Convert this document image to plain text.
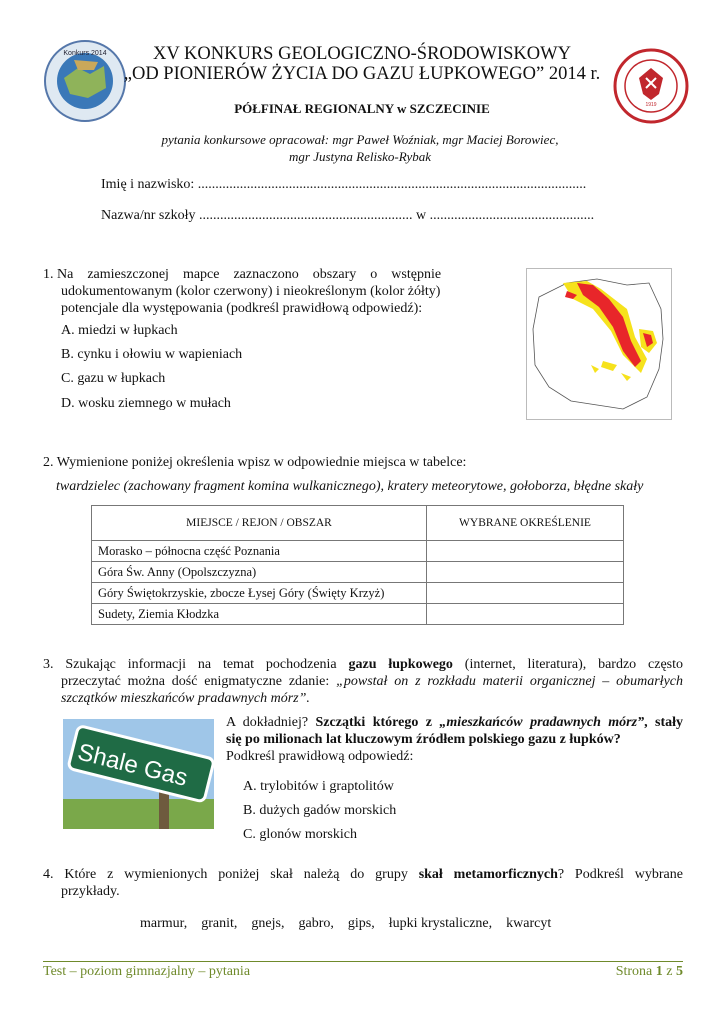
Konkurs 2014
1919
XV KONKURS GEOLOGICZNO-ŚRODOWISKOWY
„OD PIONIERÓW ŻYCIA DO GAZU ŁUPKOWEGO” 2014 r.
PÓŁFINAŁ REGIONALNY w SZCZECINIE
pytania konkursowe opracował: mgr Paweł Woźniak, mgr Maciej Borowiec,
mgr Justyna Relisko-Rybak
Imię i nazwisko: ...............................................................................................................
Nazwa/nr szkoły ............................................................. w ...............................................
1. Na    zamieszczonej    mapce    zaznaczono    obszary    o    wstępnie
udokumentowanym (kolor czerwony) i nieokreślonym (kolor żółty)
potencjale dla występowania (podkreśl prawidłową odpowiedź):
A. miedzi w łupkach
B. cynku i ołowiu w wapieniach
C. gazu w łupkach
D. wosku ziemnego w mułach
2. Wymienione poniżej określenia wpisz w odpowiednie miejsca w tabelce:
twardzielec (zachowany fragment komina wulkanicznego), kratery meteorytowe, gołoborza, błędne skały
MIEJSCE / REJON / OBSZAR	WYBRANE OKREŚLENIE
Morasko – północna część Poznania	
Góra Św. Anny (Opolszczyzna)	
Góry Świętokrzyskie, zbocze Łysej Góry (Święty Krzyż)	
Sudety, Ziemia Kłodzka	
3. Szukając informacji na temat pochodzenia gazu łupkowego (internet, literatura), bardzo często
przeczytać można dość enigmatyczne zdanie: „powstał on z rozkładu materii organicznej – obumarłych
szczątków mieszkańców pradawnych mórz”.
Shale Gas
A dokładniej? Szczątki którego z „mieszkańców pradawnych mórz”, stały
się po milionach lat kluczowym źródłem polskiego gazu z łupków?
Podkreśl prawidłową odpowiedź:
A. trylobitów i graptolitów
B. dużych gadów morskich
C. glonów morskich
4. Które z wymienionych poniżej skał należą do grupy skał metamorficznych? Podkreśl wybrane
przykłady.
marmur, granit, gnejs, gabro, gips, łupki krystaliczne, kwarcyt
Test – poziom gimnazjalny – pytania	Strona 1 z 5
